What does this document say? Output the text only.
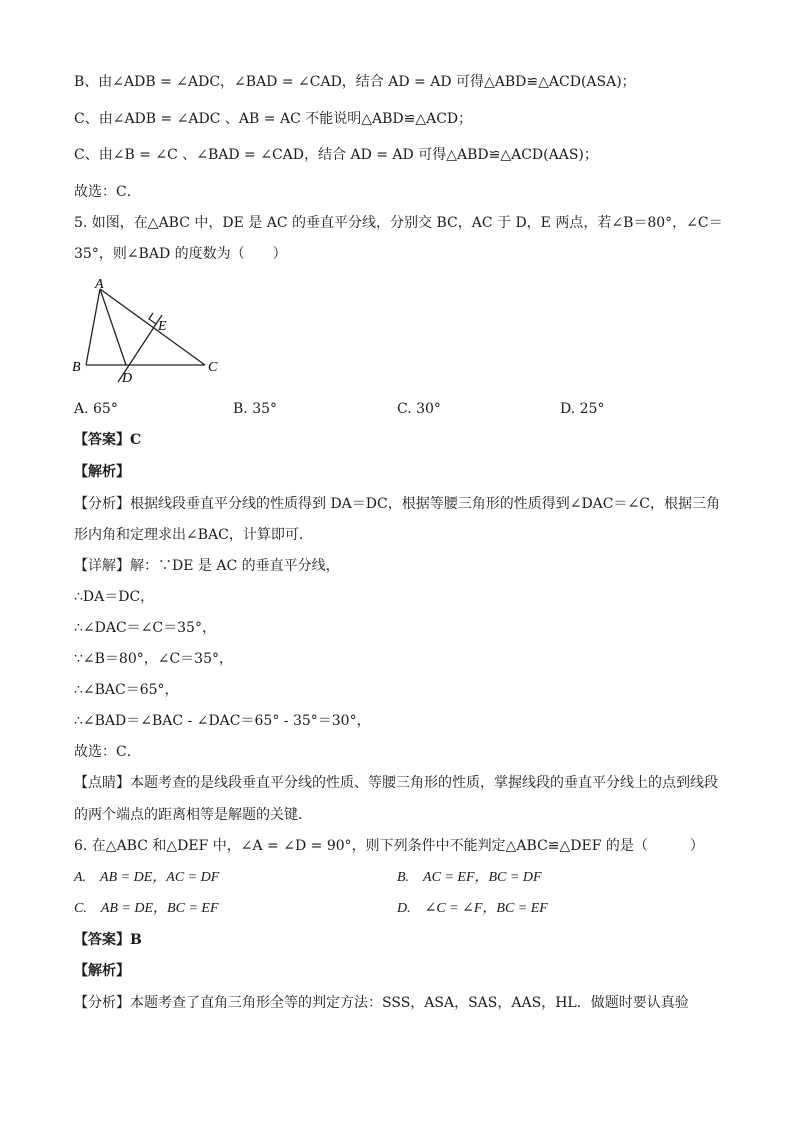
B、由∠ADB = ∠ADC，∠BAD = ∠CAD，结合 AD = AD 可得△ABD≌△ACD(ASA)；
C、由∠ADB = ∠ADC 、AB = AC 不能说明△ABD≌△ACD；
C、由∠B = ∠C 、∠BAD = ∠CAD，结合 AD = AD 可得△ABD≌△ACD(AAS)；
故选：C．
5. 如图，在△ABC 中，DE 是 AC 的垂直平分线，分别交 BC，AC 于 D，E 两点，若∠B＝80°，∠C＝
35°，则∠BAD 的度数为（　　）
A
B	C
D
E
A. 65°	B. 35°	C. 30°	D. 25°
【答案】C
【解析】
【分析】根据线段垂直平分线的性质得到 DA＝DC，根据等腰三角形的性质得到∠DAC＝∠C，根据三角
形内角和定理求出∠BAC，计算即可．
【详解】解：∵DE 是 AC 的垂直平分线，
∴DA＝DC，
∴∠DAC＝∠C＝35°，
∵∠B＝80°，∠C＝35°，
∴∠BAC＝65°，
∴∠BAD＝∠BAC - ∠DAC＝65° - 35°＝30°，
故选：C．
【点睛】本题考查的是线段垂直平分线的性质、等腰三角形的性质，掌握线段的垂直平分线上的点到线段
的两个端点的距离相等是解题的关键．
6. 在△ABC 和△DEF 中，∠A = ∠D = 90°，则下列条件中不能判定△ABC≌△DEF 的是（　　　）
A.　AB = DE，AC = DF	B.　AC = EF，BC = DF
C.　AB = DE，BC = EF	D.　∠C = ∠F，BC = EF
【答案】B
【解析】
【分析】本题考查了直角三角形全等的判定方法：SSS，ASA，SAS，AAS，HL．做题时要认真验
